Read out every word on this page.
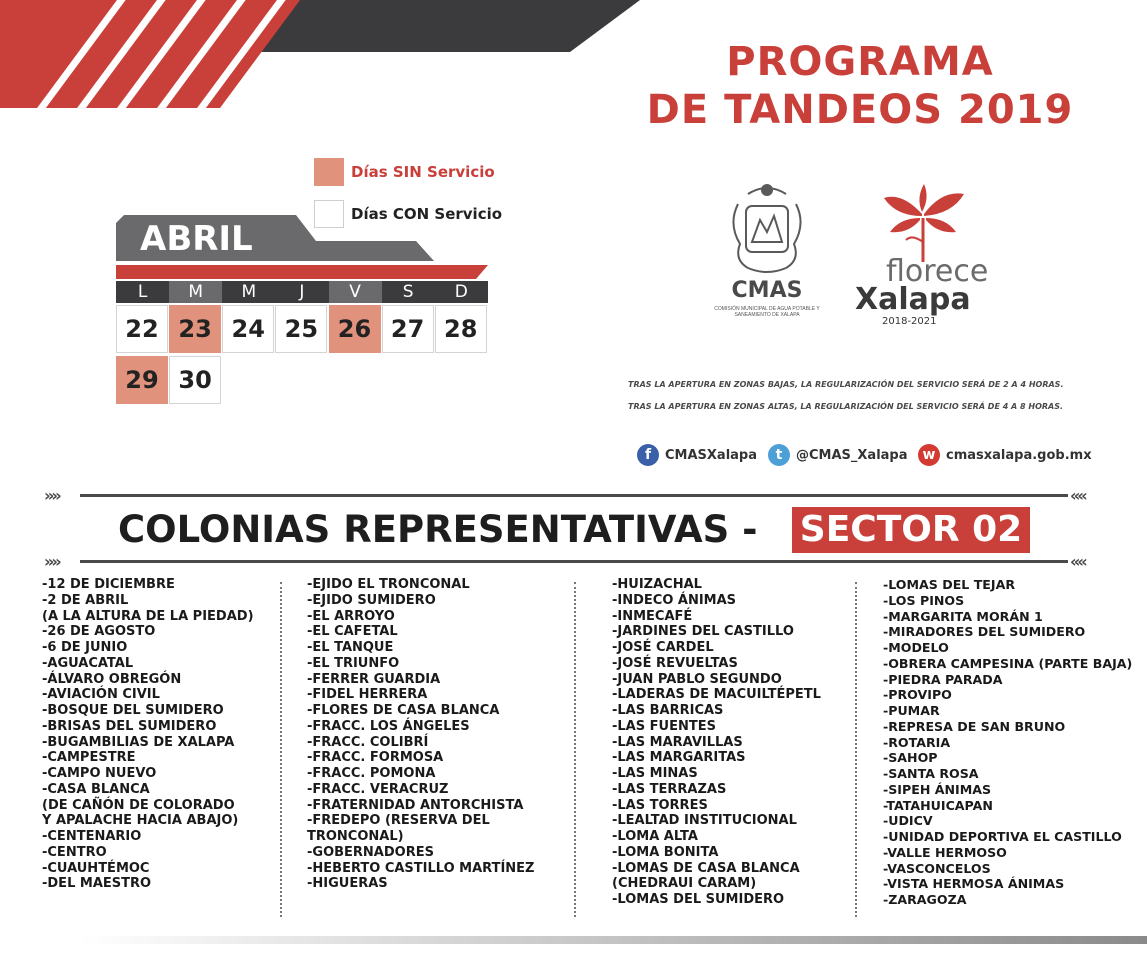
PROGRAMA
DE TANDEOS 2019
Días SIN Servicio
Días CON Servicio
ABRIL
L	M	M	J	V	S	D
22 23 24 25 26 27 28
29 30
CMAS
COMISIÓN MUNICIPAL DE AGUA POTABLE Y SANEAMIENTO DE XALAPA
florece
Xalapa
2018-2021
TRAS LA APERTURA EN ZONAS BAJAS, LA REGULARIZACIÓN DEL SERVICIO SERÁ DE 2 A 4 HORAS.
TRAS LA APERTURA EN ZONAS ALTAS, LA REGULARIZACIÓN DEL SERVICIO SERÁ DE 4 A 8 HORAS.
f	CMASXalapa	t	@CMAS_Xalapa	w cmasxalapa.gob.mx
»»	««
COLONIAS REPRESENTATIVAS - SECTOR 02
»»	««
-12 DE DICIEMBRE
-2 DE ABRIL
(A LA ALTURA DE LA PIEDAD)
-26 DE AGOSTO
-6 DE JUNIO
-AGUACATAL
-ÁLVARO OBREGÓN
-AVIACIÓN CIVIL
-BOSQUE DEL SUMIDERO
-BRISAS DEL SUMIDERO
-BUGAMBILIAS DE XALAPA
-CAMPESTRE
-CAMPO NUEVO
-CASA BLANCA
(DE CAÑÓN DE COLORADO
Y APALACHE HACIA ABAJO)
-CENTENARIO
-CENTRO
-CUAUHTÉMOC
-DEL MAESTRO
-EJIDO EL TRONCONAL
-EJIDO SUMIDERO
-EL ARROYO
-EL CAFETAL
-EL TANQUE
-EL TRIUNFO
-FERRER GUARDIA
-FIDEL HERRERA
-FLORES DE CASA BLANCA
-FRACC. LOS ÁNGELES
-FRACC. COLIBRÍ
-FRACC. FORMOSA
-FRACC. POMONA
-FRACC. VERACRUZ
-FRATERNIDAD ANTORCHISTA
-FREDEPO (RESERVA DEL
TRONCONAL)
-GOBERNADORES
-HEBERTO CASTILLO MARTÍNEZ
-HIGUERAS
-HUIZACHAL
-INDECO ÁNIMAS
-INMECAFÉ
-JARDINES DEL CASTILLO
-JOSÉ CARDEL
-JOSÉ REVUELTAS
-JUAN PABLO SEGUNDO
-LADERAS DE MACUILTÉPETL
-LAS BARRICAS
-LAS FUENTES
-LAS MARAVILLAS
-LAS MARGARITAS
-LAS MINAS
-LAS TERRAZAS
-LAS TORRES
-LEALTAD INSTITUCIONAL
-LOMA ALTA
-LOMA BONITA
-LOMAS DE CASA BLANCA
(CHEDRAUI CARAM)
-LOMAS DEL SUMIDERO
-LOMAS DEL TEJAR
-LOS PINOS
-MARGARITA MORÁN 1
-MIRADORES DEL SUMIDERO
-MODELO
-OBRERA CAMPESINA (PARTE BAJA)
-PIEDRA PARADA
-PROVIPO
-PUMAR
-REPRESA DE SAN BRUNO
-ROTARIA
-SAHOP
-SANTA ROSA
-SIPEH ÁNIMAS
-TATAHUICAPAN
-UDICV
-UNIDAD DEPORTIVA EL CASTILLO
-VALLE HERMOSO
-VASCONCELOS
-VISTA HERMOSA ÁNIMAS
-ZARAGOZA
